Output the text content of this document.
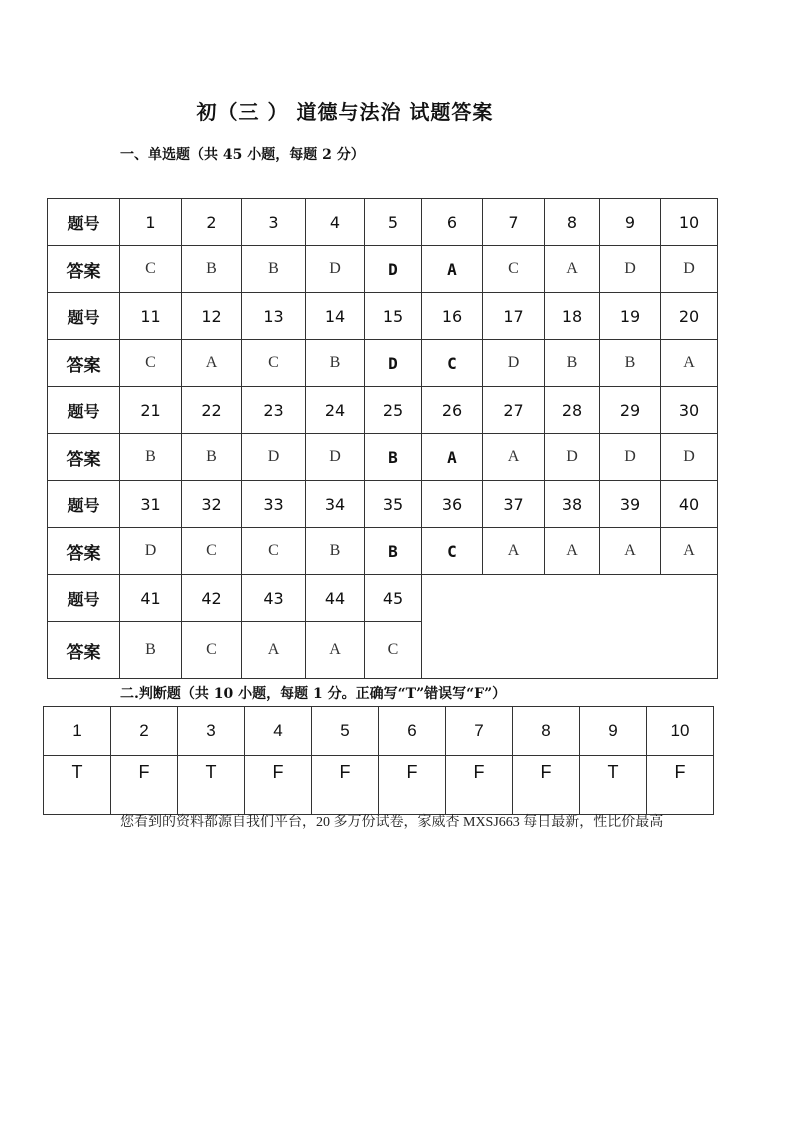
初（三 ） 道德与法治 试题答案
一、单选题（共 45 小题，每题 2 分）
题号	1	2	3	4	5	6	7	8	9	10
答案	C	B	B	D	D	A	C	A	D	D
题号	11	12	13	14	15	16	17	18	19	20
答案	C	A	C	B	D	C	D	B	B	A
题号	21	22	23	24	25	26	27	28	29	30
答案	B	B	D	D	B	A	A	D	D	D
题号	31	32	33	34	35	36	37	38	39	40
答案	D	C	C	B	B	C	A	A	A	A
题号	41	42	43	44	45					
答案	B	C	A	A	C					
二.判断题（共 10 小题，每题 1 分。正确写“T”错误写“F”）
1	2	3	4	5	6	7	8	9	10
T	F	T	F	F	F	F	F	T	F
您看到的资料都源自我们平台，20 多万份试卷，家威杏 MXSJ663 每日最新，性比价最高
